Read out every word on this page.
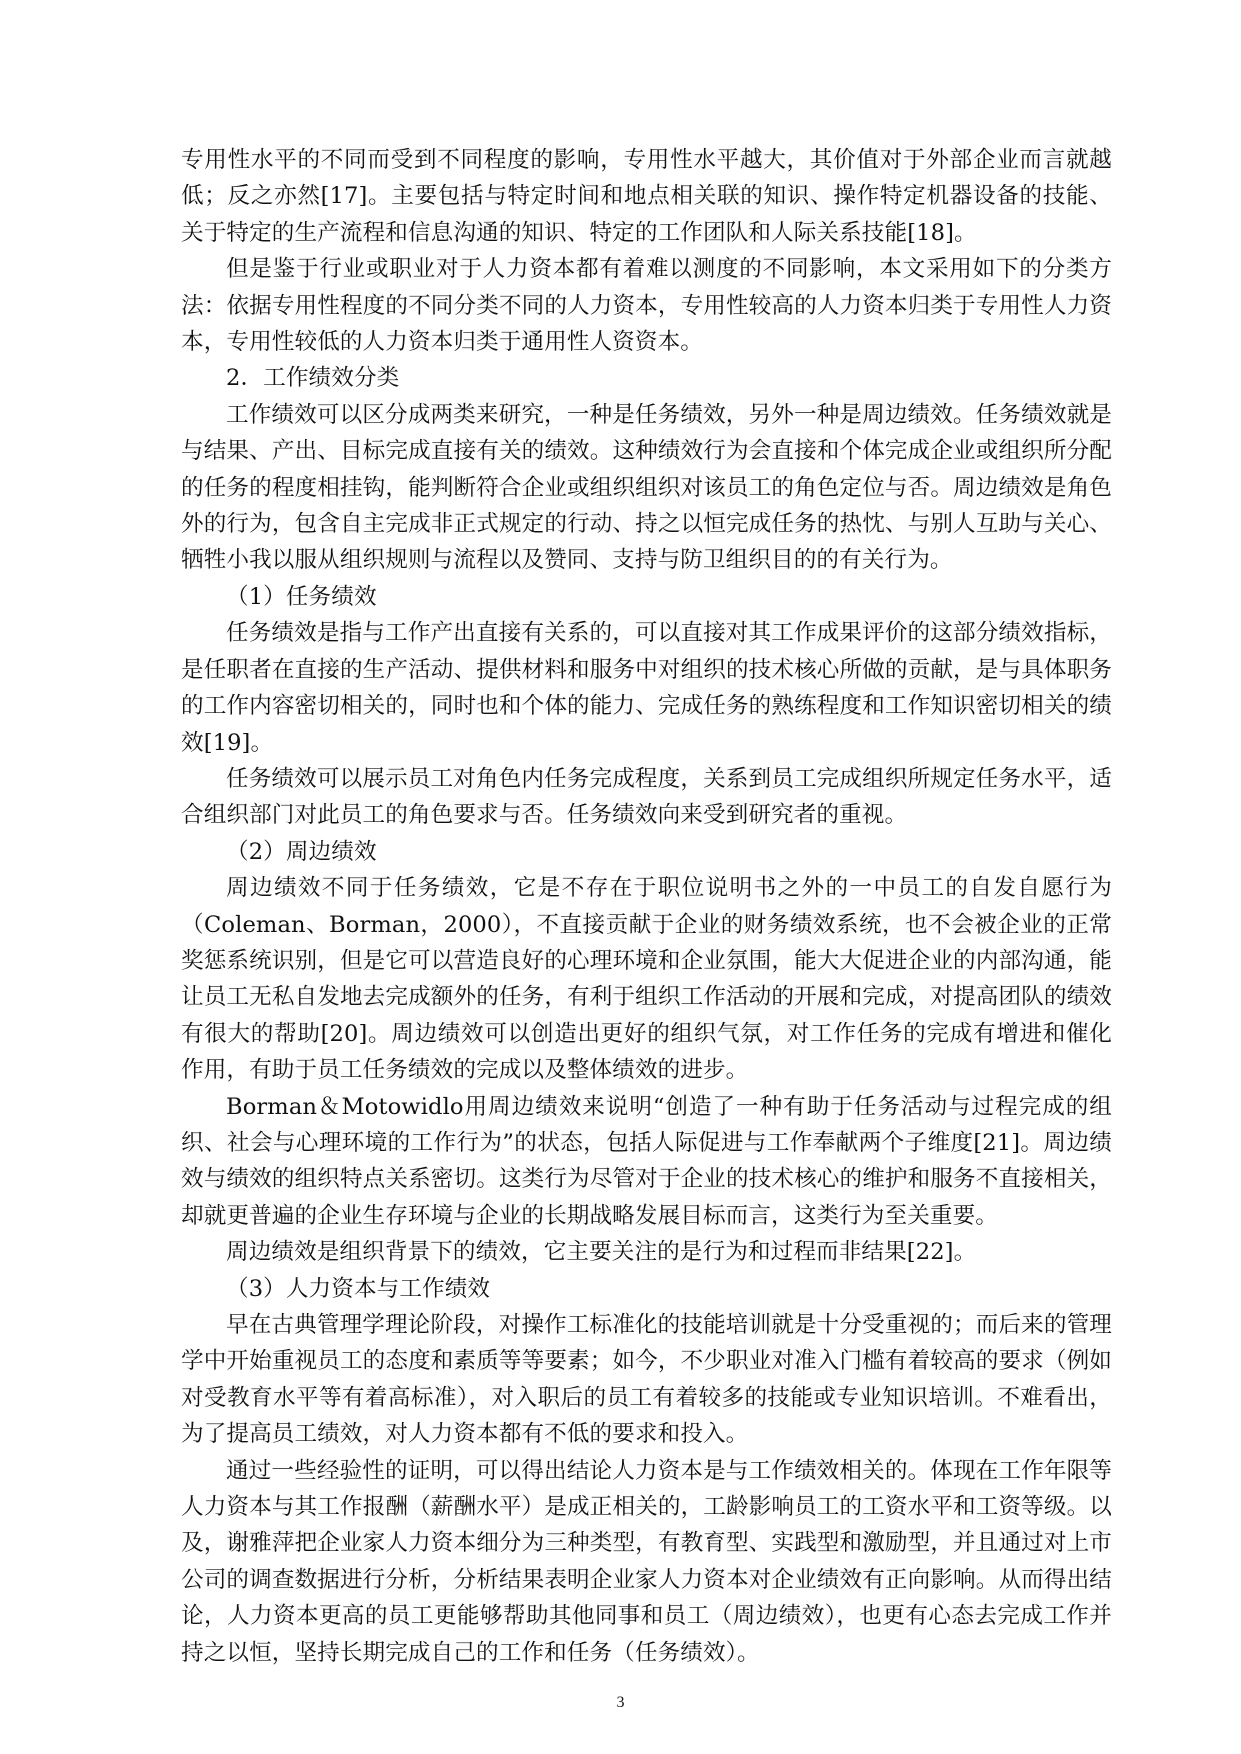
专用性水平的不同而受到不同程度的影响，专用性水平越大，其价值对于外部企业而言就越低；反之亦然[17]。主要包括与特定时间和地点相关联的知识、操作特定机器设备的技能、关于特定的生产流程和信息沟通的知识、特定的工作团队和人际关系技能[18]。

但是鉴于行业或职业对于人力资本都有着难以测度的不同影响，本文采用如下的分类方法：依据专用性程度的不同分类不同的人力资本，专用性较高的人力资本归类于专用性人力资本，专用性较低的人力资本归类于通用性人资资本。

2．工作绩效分类

工作绩效可以区分成两类来研究，一种是任务绩效，另外一种是周边绩效。任务绩效就是与结果、产出、目标完成直接有关的绩效。这种绩效行为会直接和个体完成企业或组织所分配的任务的程度相挂钩，能判断符合企业或组织组织对该员工的角色定位与否。周边绩效是角色外的行为，包含自主完成非正式规定的行动、持之以恒完成任务的热忱、与别人互助与关心、牺牲小我以服从组织规则与流程以及赞同、支持与防卫组织目的的有关行为。

（1）任务绩效

任务绩效是指与工作产出直接有关系的，可以直接对其工作成果评价的这部分绩效指标，是任职者在直接的生产活动、提供材料和服务中对组织的技术核心所做的贡献，是与具体职务的工作内容密切相关的，同时也和个体的能力、完成任务的熟练程度和工作知识密切相关的绩效[19]。

任务绩效可以展示员工对角色内任务完成程度，关系到员工完成组织所规定任务水平，适合组织部门对此员工的角色要求与否。任务绩效向来受到研究者的重视。

（2）周边绩效

周边绩效不同于任务绩效，它是不存在于职位说明书之外的一中员工的自发自愿行为（Coleman、Borman，2000），不直接贡献于企业的财务绩效系统，也不会被企业的正常奖惩系统识别，但是它可以营造良好的心理环境和企业氛围，能大大促进企业的内部沟通，能让员工无私自发地去完成额外的任务，有利于组织工作活动的开展和完成，对提高团队的绩效有很大的帮助[20]。周边绩效可以创造出更好的组织气氛，对工作任务的完成有增进和催化作用，有助于员工任务绩效的完成以及整体绩效的进步。

Borman＆Motowidlo用周边绩效来说明“创造了一种有助于任务活动与过程完成的组织、社会与心理环境的工作行为”的状态，包括人际促进与工作奉献两个子维度[21]。周边绩效与绩效的组织特点关系密切。这类行为尽管对于企业的技术核心的维护和服务不直接相关，却就更普遍的企业生存环境与企业的长期战略发展目标而言，这类行为至关重要。

周边绩效是组织背景下的绩效，它主要关注的是行为和过程而非结果[22]。

（3）人力资本与工作绩效

早在古典管理学理论阶段，对操作工标准化的技能培训就是十分受重视的；而后来的管理学中开始重视员工的态度和素质等等要素；如今，不少职业对准入门槛有着较高的要求（例如对受教育水平等有着高标准），对入职后的员工有着较多的技能或专业知识培训。不难看出，为了提高员工绩效，对人力资本都有不低的要求和投入。

通过一些经验性的证明，可以得出结论人力资本是与工作绩效相关的。体现在工作年限等人力资本与其工作报酬（薪酬水平）是成正相关的，工龄影响员工的工资水平和工资等级。以及，谢雅萍把企业家人力资本细分为三种类型，有教育型、实践型和激励型，并且通过对上市公司的调查数据进行分析，分析结果表明企业家人力资本对企业绩效有正向影响。从而得出结论，人力资本更高的员工更能够帮助其他同事和员工（周边绩效），也更有心态去完成工作并持之以恒，坚持长期完成自己的工作和任务（任务绩效）。

3
